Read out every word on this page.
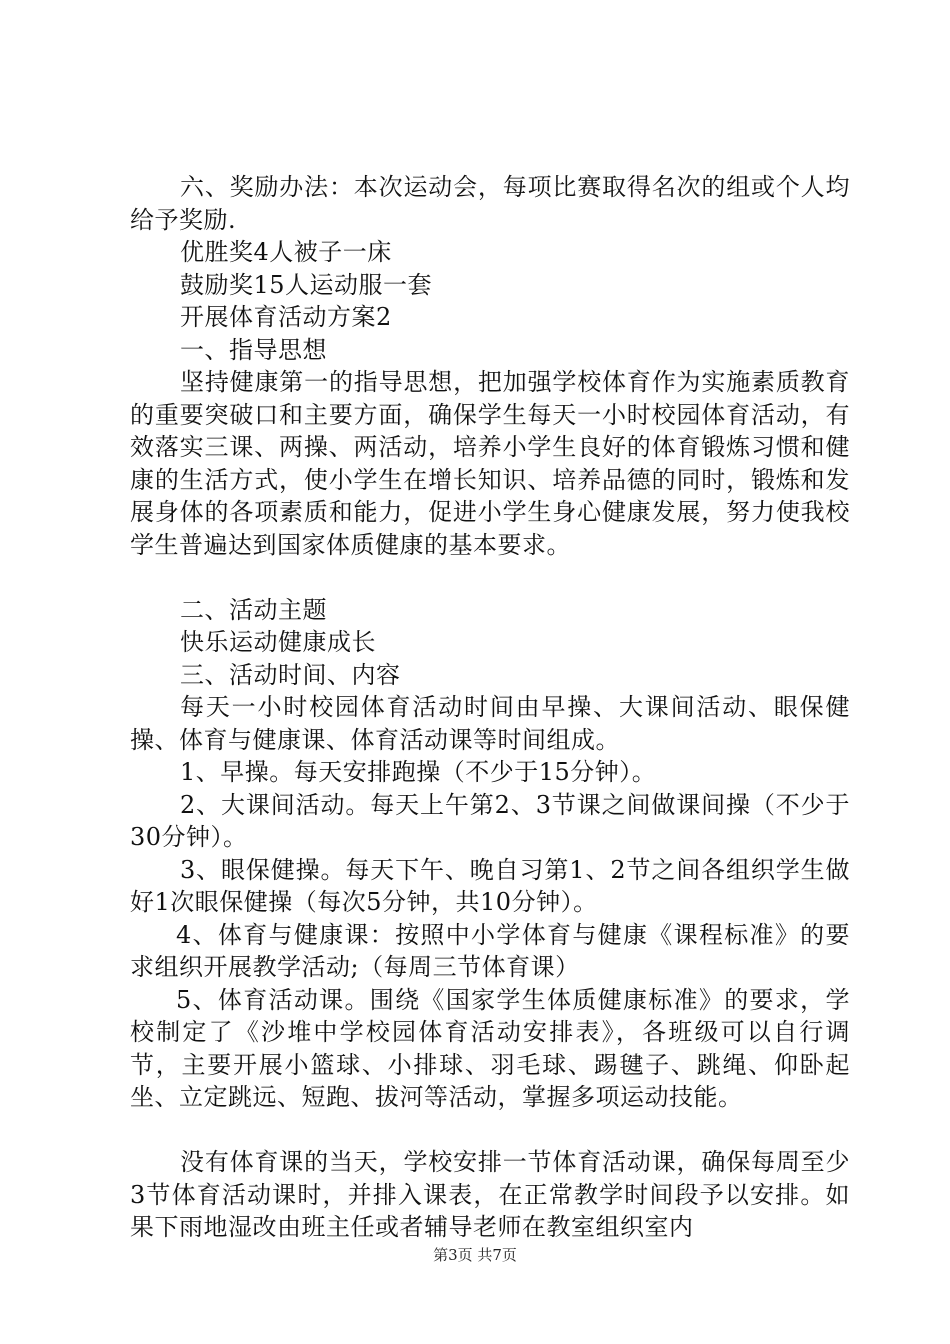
六、奖励办法：本次运动会，每项比赛取得名次的组或个人均给予奖励.

优胜奖4人被子一床

鼓励奖15人运动服一套

开展体育活动方案2

一、指导思想

坚持健康第一的指导思想，把加强学校体育作为实施素质教育的重要突破口和主要方面，确保学生每天一小时校园体育活动，有效落实三课、两操、两活动，培养小学生良好的体育锻炼习惯和健康的生活方式，使小学生在增长知识、培养品德的同时，锻炼和发展身体的各项素质和能力，促进小学生身心健康发展，努力使我校学生普遍达到国家体质健康的基本要求。

二、活动主题

快乐运动健康成长

三、活动时间、内容

每天一小时校园体育活动时间由早操、大课间活动、眼保健操、体育与健康课、体育活动课等时间组成。

1、早操。每天安排跑操（不少于15分钟）。

2、大课间活动。每天上午第2、3节课之间做课间操（不少于30分钟）。

3、眼保健操。每天下午、晚自习第1、2节之间各组织学生做好1次眼保健操（每次5分钟，共10分钟）。

4、体育与健康课：按照中小学体育与健康《课程标准》的要求组织开展教学活动;（每周三节体育课）

5、体育活动课。围绕《国家学生体质健康标准》的要求，学校制定了《沙堆中学校园体育活动安排表》，各班级可以自行调节，主要开展小篮球、小排球、羽毛球、踢毽子、跳绳、仰卧起坐、立定跳远、短跑、拔河等活动，掌握多项运动技能。

没有体育课的当天，学校安排一节体育活动课，确保每周至少3节体育活动课时，并排入课表，在正常教学时间段予以安排。如果下雨地湿改由班主任或者辅导老师在教室组织室内

第3页 共7页
